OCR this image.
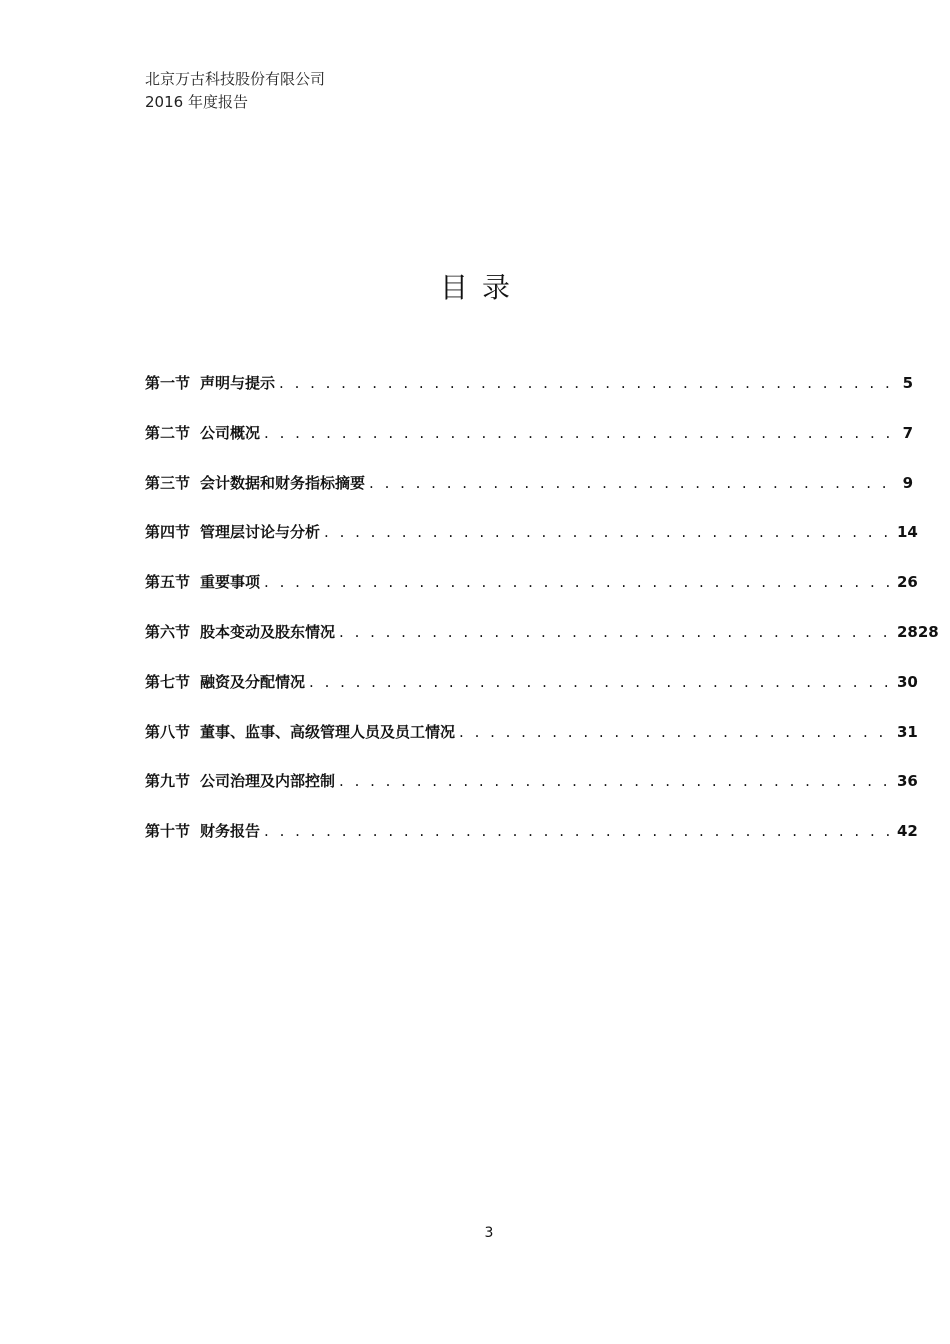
北京万古科技股份有限公司
2016 年度报告
目录
第一节 声明与提示 . . .	5
第二节 公司概况 . . .	7
第三节 会计数据和财务指标摘要 . . .	9
第四节 管理层讨论与分析 . . .	14
第五节 重要事项 . . .	26
第六节 股本变动及股东情况 . . .	2828
第七节 融资及分配情况 . . .	30
第八节 董事、监事、高级管理人员及员工情况 . . .	31
第九节 公司治理及内部控制 . . .	36
第十节 财务报告 . . .	42
3
